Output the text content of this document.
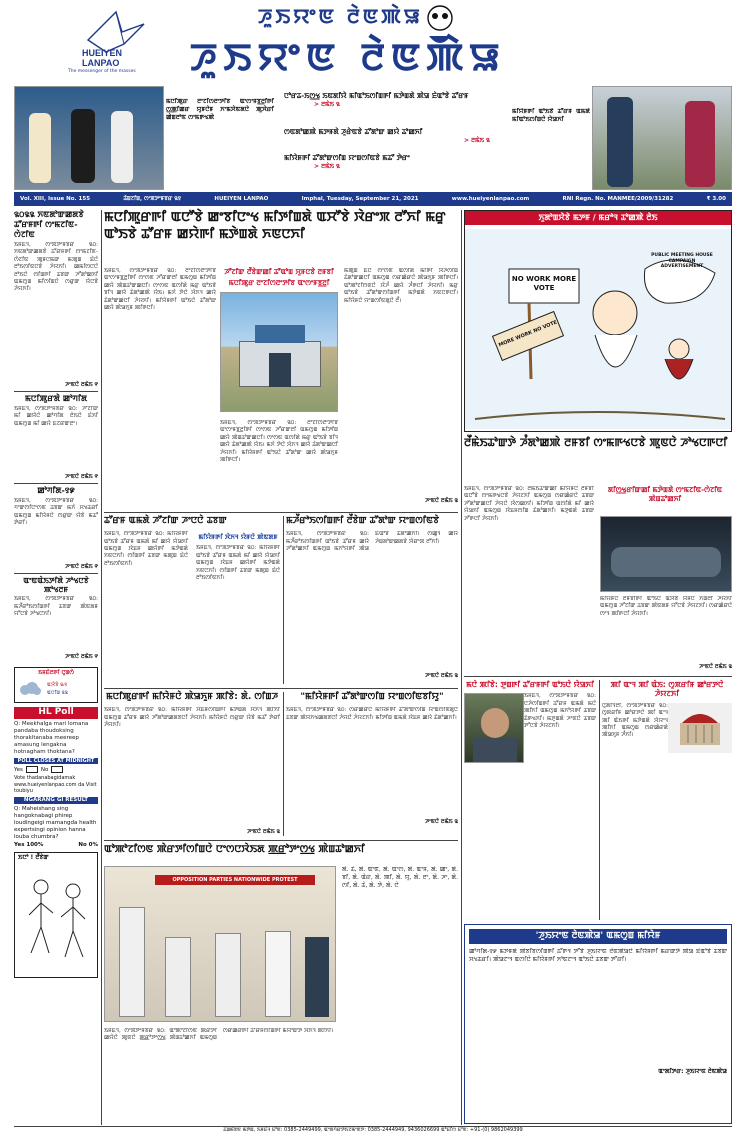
HUEIYEN
LANPAO
The messenger of the masses
ꯍꯨꯏꯌꯦꯟ ꯂꯥꯟꯄꯥꯎ
ꯍꯨꯏꯌꯦꯟ ꯂꯥꯟꯄꯥꯎ
ꯃꯅꯤꯄꯨꯔ ꯂꯦꯖꯤꯁꯂꯦꯇꯤꯕ ꯑꯦꯁꯦꯝꯕ꯭ꯂꯤꯒꯤ ꯁ꯭ꯄꯤꯀꯔ ꯌꯨꯝꯅꯥꯝ ꯈꯦꯃꯆꯥꯟꯗꯅꯥ ꯄꯨꯋꯥꯔꯤ ꯀꯥꯡꯂꯣꯟ ꯁꯦꯃꯒꯠꯄꯥ
ꯅꯣꯔꯊ-ꯏꯁ꯭ꯠ ꯏꯟꯗꯤꯌꯥ ꯃꯤꯑꯣꯏꯁꯤꯡꯒꯤ ꯃꯇꯥꯡꯗꯥ ꯄꯥꯎ ꯐꯥꯑꯣꯕꯥ ꯊꯧꯔꯝ
> ꯂꯃꯥꯏ ꯲
ꯁꯟꯗꯣꯀꯄꯥ ꯃꯇꯝꯗꯥ ꯍꯨꯔꯥꯟꯕꯥ ꯊꯧꯗꯣꯛ ꯀꯌꯥ ꯊꯣꯀꯈꯤ
> ꯂꯃꯥꯏ ꯲
ꯃꯤꯌꯥꯝꯒꯤ ꯊꯧꯗꯣꯛꯁꯤꯡ ꯌꯦꯡꯁꯤꯟꯕꯥ ꯃꯊꯧ ꯇꯥꯔꯦ
> ꯂꯃꯥꯏ ꯲
ꯃꯤꯌꯥꯝꯒꯤ ꯑꯣꯏꯕꯥ ꯊꯧꯔꯝ ꯑꯃꯗꯥ ꯃꯤꯑꯣꯏꯁꯤꯡꯅꯥ ꯌꯥꯎꯈꯤ
Vol. XIII, Issue No. 155	ꯊꯥꯡꯖꯤꯡ, ꯁꯦꯞꯇꯦꯝꯕꯔ ꯲꯱	HUEIYEN LANPAO	Imphal, Tuesday, September 21, 2021	www.hueiyenlanpao.com	RNI Regn. No. MANMEE/2009/31282	₹ 3.00
꯲꯰꯲꯲ ꯈꯟꯗꯣꯛꯀꯗꯕꯥ ꯊꯧꯔꯝꯒꯤ ꯁꯦꯃꯖꯤꯟ-ꯁꯥꯖꯤꯟ
ꯏꯝꯐꯥꯜ, ꯁꯦꯞꯇꯦꯝꯕꯔ ꯲꯰: ꯈꯟꯗꯣꯛꯀꯗꯕꯥ ꯊꯧꯔꯝꯒꯤ ꯁꯦꯃꯖꯤꯟ-ꯁꯥꯖꯤꯟ ꯄꯨꯝꯅꯃꯛ ꯃꯄꯨꯡ ꯐꯥꯅꯥ ꯂꯣꯏꯁꯤꯟꯅꯕꯥ ꯍꯥꯌꯈꯤ। ꯀꯃꯤꯁꯅꯅꯥ ꯂꯣꯏꯅꯥ ꯁꯤꯡꯒꯤ ꯊꯕꯛ ꯍꯧꯗꯣꯀꯈꯤ ꯑꯃꯁꯨꯡ ꯃꯤꯁꯤꯡꯅꯥ ꯁꯔꯨꯛ ꯌꯥꯅꯕꯥ ꯍꯥꯌꯈꯤ।
ꯍꯦꯟꯅꯥ ꯂꯃꯥꯏ ꯵
ꯃꯅꯤꯄꯨꯔꯗꯥ ꯀꯣꯚꯤꯗ
ꯏꯝꯐꯥꯜ, ꯁꯦꯞꯇꯦꯝꯕꯔ ꯲꯰: ꯍꯧꯖꯤꯛ ꯃꯤ ꯀꯌꯥꯅꯥ ꯀꯣꯚꯤꯗ ꯂꯥꯏꯅꯥ ꯐꯥꯈꯤ ꯑꯃꯁꯨꯡ ꯃꯤ ꯀꯌꯥ ꯐꯖꯔꯛꯂꯦ।
ꯍꯦꯟꯅꯥ ꯂꯃꯥꯏ ꯵
ꯀꯣꯚꯤꯗ-꯱꯹
ꯏꯝꯐꯥꯜ, ꯁꯦꯞꯇꯦꯝꯕꯔ ꯲꯰: ꯚꯦꯛꯁꯤꯅꯦꯁꯟ ꯊꯕꯛ ꯃꯈꯥ ꯆꯠꯊꯔꯤ ꯑꯃꯁꯨꯡ ꯃꯤꯌꯥꯝꯅꯥ ꯁꯔꯨꯛ ꯌꯥꯕꯥ ꯃꯊꯧ ꯇꯥꯔꯤ।
ꯍꯦꯟꯅꯥ ꯂꯃꯥꯏ ꯵
ꯑꯦꯟꯑꯥꯏꯇꯤꯗꯥ ꯍꯣꯠꯅꯕꯥ ꯄꯣꯠꯂꯝ
ꯏꯝꯐꯥꯜ, ꯁꯦꯞꯇꯦꯝꯕꯔ ꯲꯰: ꯃꯍꯩꯔꯣꯏꯁꯤꯡꯒꯤ ꯊꯕꯛ ꯄꯥꯟꯗꯝ ꯌꯧꯅꯕꯥ ꯍꯣꯠꯅꯈꯤ।
ꯍꯦꯟꯅꯥ ꯂꯃꯥꯏ ꯵
ꯏꯝꯐꯥꯂꯒꯤ ꯅꯨꯡꯁꯥ
ꯑꯋꯥꯕꯥ ꯳꯱
ꯑꯅꯤꯡ ꯲꯲
HL Poll
Q: Meekhalga mari lomana pandaba thoudoksing thorakltanaba meereep amasung lengakna hotnagham thoktana?
POLL CLOSES AT MIDNIGHT
Yes	No
Vote thadanabagidamak www.hueiyenlanpao.com da Visit toubiyu
NGARANG GI RESULT
Q: Maheishang sing hangoknabagi phirep loudingeigi mamangda health expertsingi opinion hanna louba chumbra?
Yes 100%	No 0%
ꯏꯅꯣ ! ꯂꯩꯕꯥꯛ
ꯃꯅꯤꯄꯨꯔꯒꯤ ꯑꯅꯧꯕꯥ ꯀꯦꯕꯤꯅꯦꯠ ꯃꯤꯇꯤꯡꯗꯥ ꯑꯆꯧꯕꯥ ꯋꯥꯔꯦꯞ ꯂꯧꯈꯤ ꯃꯔꯨ ꯑꯣꯏꯕꯥ ꯊꯧꯔꯝ ꯀꯌꯥꯒꯤ ꯃꯇꯥꯡꯗꯥ ꯈꯟꯅꯈꯤ
ꯏꯝꯐꯥꯜ, ꯁꯦꯞꯇꯦꯝꯕꯔ ꯲꯰: ꯂꯦꯖꯤꯁꯂꯦꯇꯤꯕ ꯑꯦꯁꯦꯝꯕ꯭ꯂꯤꯒꯤ ꯁꯦꯁꯟ ꯍꯧꯔꯛꯂꯤ ꯑꯃꯁꯨꯡ ꯃꯤꯇꯤꯡ ꯀꯌꯥ ꯄꯥꯡꯊꯣꯛꯀꯅꯤ। ꯁꯦꯁꯟ ꯑꯁꯤꯗꯥ ꯃꯔꯨ ꯑꯣꯏꯕꯥ ꯕꯤꯜ ꯀꯌꯥ ꯊꯥꯗꯣꯀꯄꯥ ꯌꯥꯏ। ꯃꯈꯥ ꯇꯥꯅꯥ ꯋꯥꯈꯜ ꯀꯌꯥ ꯊꯥꯗꯣꯛꯀꯅꯤ ꯍꯥꯌꯈꯤ। ꯃꯤꯌꯥꯝꯒꯤ ꯑꯣꯏꯅꯥ ꯊꯧꯗꯣꯛ ꯀꯌꯥ ꯄꯥꯎꯈꯨꯝ ꯄꯤꯒꯅꯤ।
ꯍꯧꯖꯤꯛ ꯂꯩꯕꯥꯛꯀꯤ ꯊꯧꯑꯣꯡ ꯆꯨꯝꯅꯕꯥ ꯂꯝꯕꯤ
ꯃꯅꯤꯄꯨꯔ ꯂꯦꯖꯤꯁꯂꯦꯇꯤꯕ ꯑꯦꯁꯦꯝꯕ꯭ꯂꯤ
ꯏꯝꯐꯥꯜ, ꯁꯦꯞꯇꯦꯝꯕꯔ ꯲꯰: ꯂꯦꯖꯤꯁꯂꯦꯇꯤꯕ ꯑꯦꯁꯦꯝꯕ꯭ꯂꯤꯒꯤ ꯁꯦꯁꯟ ꯍꯧꯔꯛꯂꯤ ꯑꯃꯁꯨꯡ ꯃꯤꯇꯤꯡ ꯀꯌꯥ ꯄꯥꯡꯊꯣꯛꯀꯅꯤ। ꯁꯦꯁꯟ ꯑꯁꯤꯗꯥ ꯃꯔꯨ ꯑꯣꯏꯕꯥ ꯕꯤꯜ ꯀꯌꯥ ꯊꯥꯗꯣꯀꯄꯥ ꯌꯥꯏ। ꯃꯈꯥ ꯇꯥꯅꯥ ꯋꯥꯈꯜ ꯀꯌꯥ ꯊꯥꯗꯣꯛꯀꯅꯤ ꯍꯥꯌꯈꯤ। ꯃꯤꯌꯥꯝꯒꯤ ꯑꯣꯏꯅꯥ ꯊꯧꯗꯣꯛ ꯀꯌꯥ ꯄꯥꯎꯈꯨꯝ ꯄꯤꯒꯅꯤ।
ꯃꯄꯨꯡ ꯐꯥꯅꯥ ꯁꯦꯁꯟ ꯑꯁꯤꯗꯥ ꯃꯤꯒꯤ ꯋꯥꯍꯪꯁꯤꯡ ꯊꯥꯗꯣꯛꯀꯅꯤ ꯑꯃꯁꯨꯡ ꯁꯔꯀꯥꯔꯅꯥ ꯄꯥꯎꯈꯨꯝ ꯄꯤꯒꯅꯤ। ꯑꯣꯄꯣꯖꯤꯁꯟꯅꯥ ꯋꯥꯍꯪ ꯀꯌꯥ ꯍꯪꯒꯅꯤ ꯍꯥꯌꯈꯤ। ꯃꯔꯨ ꯑꯣꯏꯕꯥ ꯊꯧꯗꯣꯛꯁꯤꯡꯒꯤ ꯃꯇꯥꯡꯗꯥ ꯈꯟꯅꯒꯅꯤ। ꯃꯤꯌꯥꯝꯅꯥ ꯌꯦꯡꯁꯤꯟꯗꯨꯅꯥ ꯂꯩ।
ꯍꯦꯟꯅꯥ ꯂꯃꯥꯏ ꯲
ꯊꯧꯔꯝ ꯑꯃꯗꯥ ꯍꯧꯖꯤꯛ ꯍꯦꯅꯅꯥ ꯊꯕꯛ
ꯏꯝꯐꯥꯜ, ꯁꯦꯞꯇꯦꯝꯕꯔ ꯲꯰: ꯃꯤꯌꯥꯝꯒꯤ ꯑꯣꯏꯕꯥ ꯊꯧꯔꯝ ꯑꯃꯗꯥ ꯃꯤ ꯀꯌꯥ ꯌꯥꯎꯈꯤ ꯑꯃꯁꯨꯡ ꯋꯥꯐꯝ ꯀꯌꯥꯒꯤ ꯃꯇꯥꯡꯗꯥ ꯈꯟꯅꯈꯤ। ꯁꯤꯡꯒꯤ ꯊꯕꯛ ꯃꯄꯨꯡ ꯐꯥꯅꯥ ꯂꯣꯏꯁꯤꯟꯈꯤ।
ꯃꯤꯌꯥꯝꯒꯤ ꯋꯥꯈꯜ ꯌꯥꯝꯅꯥ ꯄꯥꯟꯗꯝ
ꯏꯝꯐꯥꯜ, ꯁꯦꯞꯇꯦꯝꯕꯔ ꯲꯰: ꯃꯤꯌꯥꯝꯒꯤ ꯑꯣꯏꯕꯥ ꯊꯧꯔꯝ ꯑꯃꯗꯥ ꯃꯤ ꯀꯌꯥ ꯌꯥꯎꯈꯤ ꯑꯃꯁꯨꯡ ꯋꯥꯐꯝ ꯀꯌꯥꯒꯤ ꯃꯇꯥꯡꯗꯥ ꯈꯟꯅꯈꯤ। ꯁꯤꯡꯒꯤ ꯊꯕꯛ ꯃꯄꯨꯡ ꯐꯥꯅꯥ ꯂꯣꯏꯁꯤꯟꯈꯤ।
ꯃꯍꯩꯔꯣꯏꯁꯤꯡꯒꯤ ꯂꯩꯕꯥꯛ ꯊꯧꯗꯣꯛ ꯌꯦꯡꯁꯤꯟꯕꯥ
ꯏꯝꯐꯥꯜ, ꯁꯦꯞꯇꯦꯝꯕꯔ ꯲꯰: ꯃꯍꯩꯔꯣꯏꯁꯤꯡꯒꯤ ꯑꯣꯏꯕꯥ ꯊꯧꯔꯝ ꯀꯌꯥ ꯍꯧꯗꯣꯀꯈꯤ ꯑꯃꯁꯨꯡ ꯃꯈꯣꯌꯒꯤ ꯄꯥꯎ ꯐꯥꯑꯣꯕꯥ ꯊꯥꯗꯣꯀꯈꯤ। ꯁꯀꯨꯜ ꯀꯌꯥ ꯍꯥꯡꯗꯣꯛꯀꯗꯕꯥ ꯋꯥꯔꯦꯞ ꯂꯧꯈꯤ।
ꯍꯦꯟꯅꯥ ꯂꯃꯥꯏ ꯲
ꯃꯅꯤꯄꯨꯔꯒꯤ ꯃꯤꯌꯥꯝꯅꯥ ꯄꯥꯎꯈꯨꯝ ꯄꯤꯕꯥ: ꯗꯥ. ꯁꯤꯡꯍ
ꯏꯝꯐꯥꯜ, ꯁꯦꯞꯇꯦꯝꯕꯔ ꯲꯰: ꯃꯤꯌꯥꯝꯒꯤ ꯋꯥꯐꯝꯁꯤꯡꯒꯤ ꯃꯇꯥꯡꯗꯥ ꯋꯥꯈꯜ ꯄꯤꯈꯤ ꯑꯃꯁꯨꯡ ꯊꯧꯔꯝ ꯀꯌꯥ ꯍꯧꯗꯣꯛꯀꯗꯕꯅꯤ ꯍꯥꯌꯈꯤ। ꯃꯤꯌꯥꯝꯅꯥ ꯁꯔꯨꯛ ꯌꯥꯕꯥ ꯃꯊꯧ ꯇꯥꯔꯤ ꯍꯥꯌꯈꯤ।
ꯍꯦꯟꯅꯥ ꯂꯃꯥꯏ ꯲
"ꯃꯤꯌꯥꯝꯒꯤ ꯊꯧꯗꯣꯛꯁꯤꯡ ꯌꯦꯡꯁꯤꯟꯕꯤꯌꯨ"
ꯏꯝꯐꯥꯜ, ꯁꯦꯞꯇꯦꯝꯕꯔ ꯲꯰: ꯁꯔꯀꯥꯔꯅꯥ ꯃꯤꯌꯥꯝꯒꯤ ꯊꯧꯗꯣꯛꯁꯤꯡ ꯌꯦꯡꯁꯤꯟꯗꯨꯅꯥ ꯊꯕꯛ ꯄꯥꯌꯈꯠꯀꯗꯕꯅꯤ ꯍꯥꯌꯅꯥ ꯍꯥꯌꯖꯈꯤ। ꯃꯤꯇꯤꯡ ꯑꯃꯗꯥ ꯋꯥꯐꯝ ꯀꯌꯥ ꯊꯥꯗꯣꯀꯈꯤ।
ꯍꯦꯟꯅꯥ ꯂꯃꯥꯏ ꯲
ꯑꯣꯄꯣꯖꯤꯁꯟ ꯄꯥꯔꯇꯤꯁꯤꯡꯅꯥ ꯅꯦꯁꯅꯋꯥꯏꯗ ꯄ꯭ꯔꯣꯇꯦꯁ꯭ꯠ ꯄꯥꯡꯊꯣꯀꯈꯤ
OPPOSITION PARTIES NATIONWIDE PROTEST
ꯗꯥ. ꯊꯥ, ꯗꯥ. ꯑꯦꯟ, ꯗꯥ. ꯑꯦꯁ, ꯗꯥ. ꯑꯦꯝ, ꯗꯥ. ꯀꯦ, ꯗꯥ. ꯕꯤ, ꯗꯥ. ꯑꯥꯔ, ꯗꯥ. ꯄꯤ, ꯗꯥ. ꯌꯨ, ꯗꯥ. ꯂꯦ, ꯗꯥ. ꯍꯦ, ꯗꯥ. ꯁꯤ, ꯗꯥ. ꯊꯥ, ꯗꯥ. ꯇꯥ, ꯗꯥ. ꯅꯥ
ꯏꯝꯐꯥꯜ, ꯁꯦꯞꯇꯦꯝꯕꯔ ꯲꯰: ꯑꯣꯄꯣꯖꯤꯁꯟ ꯄꯥꯔꯇꯤ ꯀꯌꯥꯅꯥ ꯄꯨꯟꯅꯥ ꯄ꯭ꯔꯣꯇꯦꯁ꯭ꯠ ꯄꯥꯡꯊꯣꯀꯈꯤ ꯑꯃꯁꯨꯡ ꯁꯔꯀꯥꯔꯒꯤ ꯊꯧꯔꯝꯁꯤꯡꯒꯤ ꯃꯥꯌꯣꯛꯇꯥ ꯋꯥꯈꯜ ꯄꯤꯈꯤ।
ꯈꯨꯗꯣꯡꯆꯥꯕꯥ ꯃꯇꯝ / ꯃꯔꯣꯜ ꯊꯣꯀꯄꯥ ꯂꯥꯏ
PUBLIC MEETING HOUSE CAMPAIGN ADVERTISEMENT
NO WORK MORE VOTE
MORE WORK NO VOTE
ꯂꯩꯃꯥꯏꯊꯣꯛꯇꯥ ꯍꯪꯗꯣꯀꯄꯥ ꯂꯝꯕꯤ ꯁꯦꯃꯒꯠꯅꯕꯥ ꯄꯨꯟꯅꯥ ꯍꯣꯠꯅꯒꯅꯤ
ꯏꯝꯐꯥꯜ, ꯁꯦꯞꯇꯦꯝꯕꯔ ꯲꯰: ꯂꯩꯃꯥꯏꯊꯣꯛꯀꯤ ꯃꯤꯌꯥꯝꯅꯥ ꯂꯝꯕꯤ ꯑꯅꯧꯕꯥ ꯁꯦꯃꯒꯠꯅꯕꯥ ꯍꯥꯌꯖꯈꯤ ꯑꯃꯁꯨꯡ ꯁꯔꯀꯥꯔꯅꯥ ꯊꯕꯛ ꯍꯧꯗꯣꯛꯀꯅꯤ ꯍꯥꯌꯅꯥ ꯋꯥꯁꯀꯈꯤ। ꯃꯤꯇꯤꯡ ꯑꯁꯤꯗꯥ ꯃꯤ ꯀꯌꯥ ꯌꯥꯎꯈꯤ ꯑꯃꯁꯨꯡ ꯋꯥꯐꯝꯁꯤꯡ ꯊꯥꯗꯣꯀꯈꯤ। ꯃꯇꯨꯡꯗꯥ ꯊꯕꯛ ꯍꯧꯒꯅꯤ ꯍꯥꯌꯈꯤ।
ꯗꯤꯁ꯭ꯠꯔꯤꯛꯀꯤ ꯃꯇꯥꯡꯗꯥ ꯁꯦꯃꯖꯤꯟ-ꯁꯥꯖꯤꯟ ꯄꯥꯡꯊꯣꯀꯈꯤ
ꯃꯤꯌꯥꯝꯅꯥ ꯂꯝꯕꯤꯒꯤ ꯑꯣꯏꯅꯥ ꯑꯋꯥꯕꯥ ꯌꯥꯝꯅꯥ ꯈꯥꯡꯂꯤ ꯍꯥꯌꯈꯤ ꯑꯃꯁꯨꯡ ꯍꯧꯖꯤꯛ ꯊꯕꯛ ꯄꯥꯟꯗꯝ ꯌꯧꯅꯕꯥ ꯍꯥꯌꯖꯈꯤ। ꯁꯔꯀꯥꯔꯅꯥ ꯁꯦꯜ ꯄꯤꯒꯅꯤ ꯍꯥꯌꯈꯤ।
ꯍꯦꯟꯅꯥ ꯂꯃꯥꯏ ꯲
ꯃꯅꯥ ꯄꯤꯕꯥ: ꯇꯨꯡꯒꯤ ꯊꯧꯔꯝꯒꯤ ꯑꯣꯏꯅꯥ ꯌꯥꯎꯈꯤ
ꯏꯝꯐꯥꯜ, ꯁꯦꯞꯇꯦꯝꯕꯔ ꯲꯰: ꯅꯍꯥꯁꯤꯡꯒꯤ ꯊꯧꯔꯝ ꯑꯃꯗꯥ ꯃꯅꯥ ꯄꯤꯈꯤ ꯑꯃꯁꯨꯡ ꯃꯈꯣꯌꯒꯤ ꯊꯕꯛ ꯊꯥꯒꯠꯈꯤ। ꯃꯇꯨꯡꯗꯥ ꯍꯦꯟꯅꯥ ꯊꯕꯛ ꯇꯧꯅꯕꯥ ꯍꯥꯌꯖꯈꯤ।
ꯄꯤ ꯑꯦꯜ ꯄꯤ ꯑꯥꯏ: ꯁꯨꯞꯔꯤꯝ ꯀꯣꯔꯇꯅꯥ ꯍꯥꯌꯖꯈꯤ
ꯅꯨꯗꯤꯜꯂꯤ, ꯁꯦꯞꯇꯦꯝꯕꯔ ꯲꯰: ꯁꯨꯞꯔꯤꯝ ꯀꯣꯔꯇꯅꯥ ꯄꯤ ꯑꯦꯜ ꯄꯤ ꯑꯥꯏꯒꯤ ꯃꯇꯥꯡꯗꯥ ꯋꯥꯌꯦꯜ ꯄꯤꯈꯤ ꯑꯃꯁꯨꯡ ꯁꯔꯀꯥꯔꯗꯥ ꯄꯥꯎꯈꯨꯝ ꯍꯪꯈꯤ।
'ꯍꯨꯏꯌꯦꯟ ꯂꯥꯟꯄꯥꯎ' ꯑꯃꯁꯨꯡ ꯃꯤꯌꯥꯝ
ꯀꯣꯚꯤꯗ-꯱꯹ ꯃꯇꯝꯗꯥ ꯄꯥꯕꯤꯕꯁꯤꯡꯒꯤ ꯊꯧꯒꯜ ꯇꯧꯕꯥ ꯍꯨꯏꯌꯦꯟ ꯂꯥꯟꯄꯥꯎꯅꯥ ꯃꯤꯌꯥꯝꯒꯤ ꯃꯔꯛꯇꯥ ꯄꯥꯎ ꯐꯥꯑꯣꯕꯥ ꯊꯕꯛ ꯆꯠꯊꯔꯤ। ꯄꯥꯎꯖꯦꯜ ꯑꯁꯤꯅꯥ ꯃꯤꯌꯥꯝꯒꯤ ꯈꯣꯟꯖꯦꯜ ꯑꯣꯏꯅꯥ ꯊꯕꯛ ꯇꯧꯔꯤ।
ꯑꯦꯗꯤꯇꯔ: ꯍꯨꯏꯌꯦꯟ ꯂꯥꯟꯄꯥꯎ
ꯊꯥꯡꯃꯩꯕꯟ ꯃꯇꯥꯡ, ꯏꯝꯐꯥꯜ ꯐꯣꯟ: 0385-2449499, ꯑꯦꯗꯚꯥꯔꯇꯥꯏꯖꯃꯦꯟꯇ: 0385-2444949, 9436026699 ꯑꯣꯐꯤꯁ ꯐꯣꯟ: +91-(0) 9862049399
